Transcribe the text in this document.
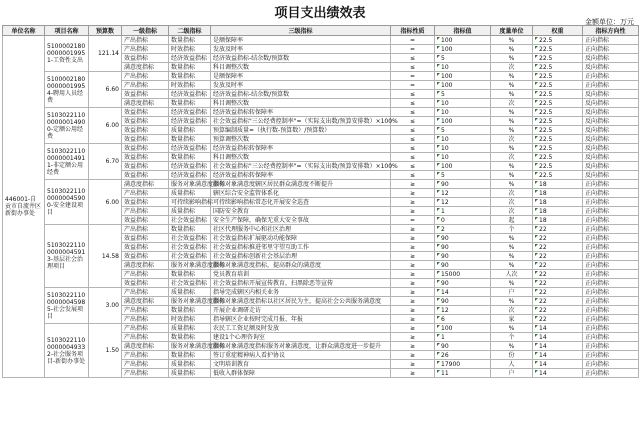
项目支出绩效表
金额单位：万元
单位名称	项目名称	预算数	一级指标	二级指标	三级指标	指标性质	指标值	度量单位	权重	指标方向性
446001-自贡市自流井区新街办事处	510000218000000019951-工资性支出	121.14	产出指标	数量指标	是额保障率	=	100	%	22.5	正向指标
			产出指标	时效指标	发放及时率	=	100	%	22.5	正向指标
			效益指标	经济效益指标	经济效益指标-结余数/预算数	≤	5	%	22.5	反向指标
			满意度指标	数量指标	科目调整次数	≤	10	次	22.5	反向指标
	510000218000000019954-聘用人员经费	6.60	产出指标	数量指标	是额保障率	=	100	%	22.5	正向指标
			产出指标	时效指标	发放及时率	=	100	%	22.5	正向指标
			效益指标	经济效益指标	经济效益指标-结余数/预算数	≤	5	%	22.5	反向指标
			满意度指标	数量指标	科目调整次数	≤	10	次	22.5	反向指标
	510302211000000014900-定额公用经费	6.00	效益指标	经济效益指标	经济效益指标转保障率	≤	10	%	22.5	反向指标
			效益指标	经济效益指标	社会效益指标"三公经费控制率"=（实际支出数/预算安排数）×100%	≤	100	%	22.5	反向指标
			效益指标	质量指标	预算编制质量=（执行数-预算数）/预算数）	≤	5	%	22.5	反向指标
			效益指标	数量指标	预算调整次数	≤	10	次	22.5	反向指标
	510302211000000014911-非定额公用经费	6.70	效益指标	经济效益指标	经济效益指标转保障率	≤	10	%	22.5	反向指标
			效益指标	数量指标	科目调整次数	≤	10	次	22.5	反向指标
			效益指标	经济效益指标	社会效益指标"三公经费控制率"=（实际支出数/预算安排数）×100%	≤	100	%	22.5	反向指标
			效益指标	经济效益指标	经济效益指标转保障率	≤	5	%	22.5	反向指标
	510302211000000045900-安全建设项目	6.00	满意度指标	服务对象满意度指标	服务对象满意度辖区居民群众满意度不断提升	≥	90	%	18	正向指标
			产出指标	质量指标	辖区综合安全监管体系化	≥	12	次	18	正向指标
			效益指标	可持续影响指标	可持续影响指标常态化开展安全巡查	≥	12	次	18	正向指标
			产出指标	质量指标	国防安全教育	≥	1	次	18	正向指标
			效益指标	社会效益指标	安全生产保障，确保无重大安全事故	=	0	起	18	正向指标
	510302211000000045913-基层社会治理项目	14.58	产出指标	数量指标	社区代理服务中心和社区治理	≥	2	个	22	正向指标
			效益指标	社会效益指标	社会效益指标扩展驱动功能保障	≥	90	%	22	正向指标
			效益指标	社会效益指标	社会效益指标推进邻里守望互助工作	≥	90	%	22	正向指标
			效益指标	社会效益指标	社会效益指标创新社会基层治理	≥	90	%	22	正向指标
			满意度指标	服务对象满意度指标	服务对象满意度指标，提高群众的满意度	≥	90	%	22	正向指标
			产出指标	数量指标	党员教育培训	≥	15000	人次	22	正向指标
			效益指标	社会效益指标	社会效益指标开展宣传教育，扫黑除恶等宣传	≥	90	%	22	正向指标
	510302211000000045985-社会发展项目	3.00	产出指标	质量指标	指导完成辖区内相关业务	≥	14	户	22	正向指标
			满意度指标	服务对象满意度指标	服务对象满意度指标以社区居民为主，提高社会公共服务满意度	≥	90	%	22	正向指标
			产出指标	数量指标	开展企业调研走访	≥	12	次	22	正向指标
			产出指标	时效指标	指导辖区企业按时完成月报、年报	≥	6	家	22	正向指标
	510302211000000049332-社会服务项目-新街办事处	1.50	产出指标	质量指标	农民工工资足额及时发放	≥	100	%	14	正向指标
			产出指标	数量指标	建设1个心理咨询室	≥	1	个	14	正向指标
			满意度指标	服务对象满意度指标	服务对象满意度指标服务对象满意度，让群众满意度进一步提升	≥	90	%	14	正向指标
			产出指标	数量指标	签订重症精神病人看护协议	≥	26	份	14	正向指标
			产出指标	质量指标	文明培训教育	≥	17900	人	14	正向指标
			产出指标	质量指标	低收入群体保障	≥	11	户	14	正向指标
